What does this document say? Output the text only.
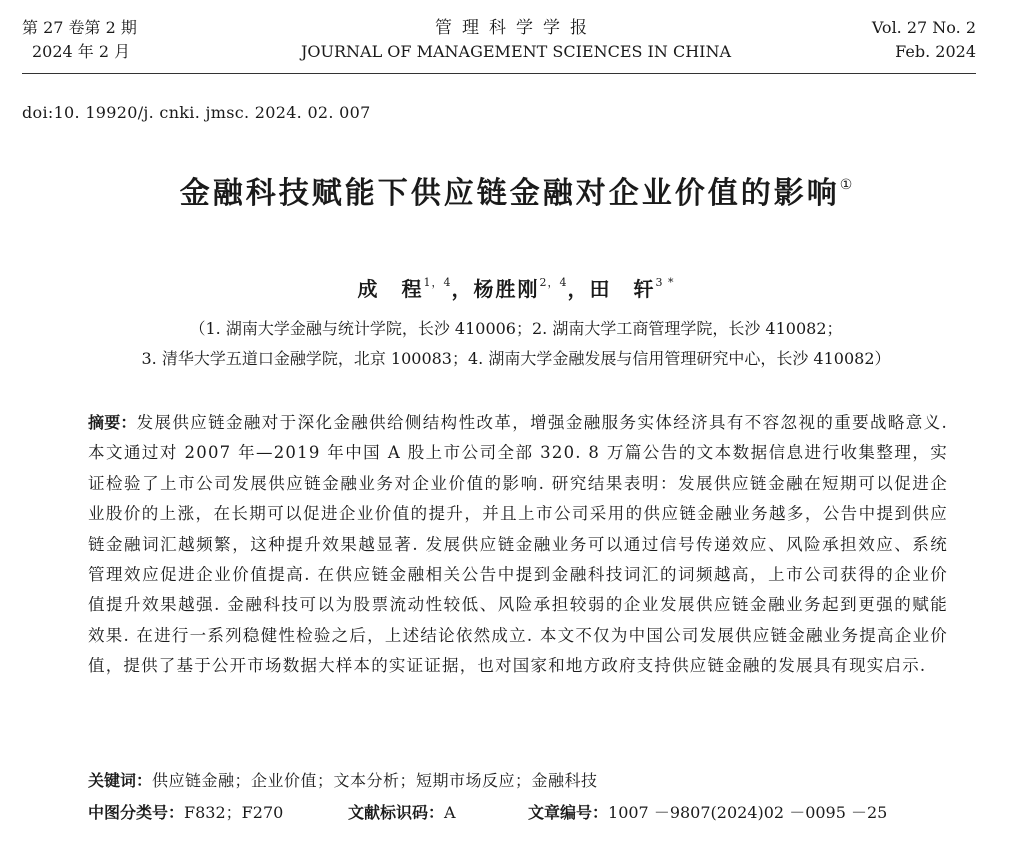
第 27 卷第 2 期
2024 年 2 月
管理科学学报
JOURNAL OF MANAGEMENT SCIENCES IN CHINA
Vol. 27 No. 2
Feb. 2024
doi:10. 19920/j. cnki. jmsc. 2024. 02. 007
金融科技赋能下供应链金融对企业价值的影响①
成　程$^{1,4}$，杨胜刚$^{2,4}$，田　轩$^{3 *}$
（1. 湖南大学金融与统计学院，长沙 410006；2. 湖南大学工商管理学院，长沙 410082；
3. 清华大学五道口金融学院，北京 100083；4. 湖南大学金融发展与信用管理研究中心，长沙 410082）
摘要：发展供应链金融对于深化金融供给侧结构性改革，增强金融服务实体经济具有不容忽视的重要战略意义. 本文通过对 2007 年—2019 年中国 A 股上市公司全部 320. 8 万篇公告的文本数据信息进行收集整理，实证检验了上市公司发展供应链金融业务对企业价值的影响. 研究结果表明：发展供应链金融在短期可以促进企业股价的上涨，在长期可以促进企业价值的提升，并且上市公司采用的供应链金融业务越多，公告中提到供应链金融词汇越频繁，这种提升效果越显著. 发展供应链金融业务可以通过信号传递效应、风险承担效应、系统管理效应促进企业价值提高. 在供应链金融相关公告中提到金融科技词汇的词频越高，上市公司获得的企业价值提升效果越强. 金融科技可以为股票流动性较低、风险承担较弱的企业发展供应链金融业务起到更强的赋能效果. 在进行一系列稳健性检验之后，上述结论依然成立. 本文不仅为中国公司发展供应链金融业务提高企业价值，提供了基于公开市场数据大样本的实证证据，也对国家和地方政府支持供应链金融的发展具有现实启示.
关键词：供应链金融；企业价值；文本分析；短期市场反应；金融科技
中图分类号：F832；F270	文献标识码：A	文章编号：1007 －9807(2024)02 －0095 －25
